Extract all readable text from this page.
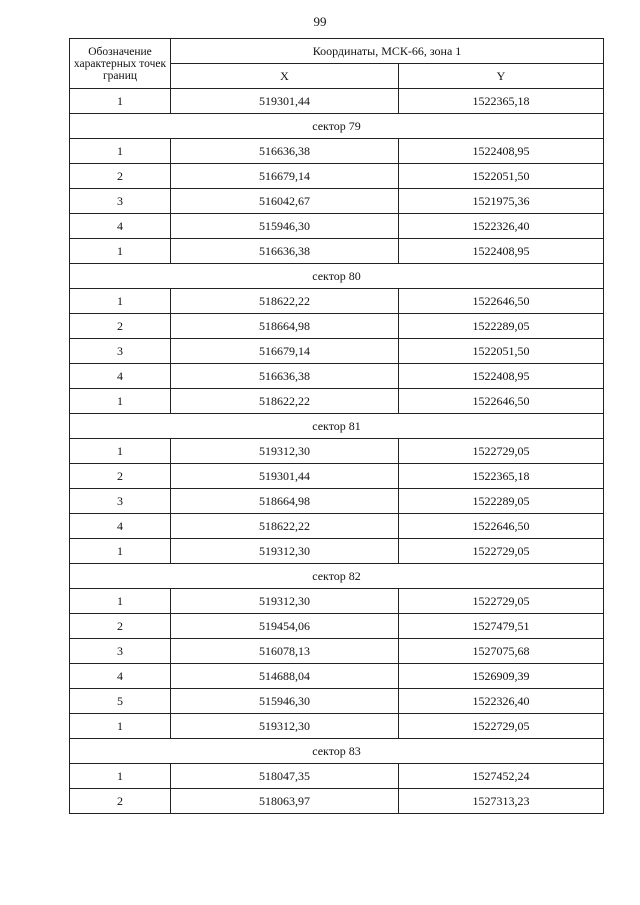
99
Обозначение характерных точек границ	Координаты, МСК-66, зона 1	
	X	Y
1	519301,44	1522365,18
сектор 79		
1	516636,38	1522408,95
2	516679,14	1522051,50
3	516042,67	1521975,36
4	515946,30	1522326,40
1	516636,38	1522408,95
сектор 80		
1	518622,22	1522646,50
2	518664,98	1522289,05
3	516679,14	1522051,50
4	516636,38	1522408,95
1	518622,22	1522646,50
сектор 81		
1	519312,30	1522729,05
2	519301,44	1522365,18
3	518664,98	1522289,05
4	518622,22	1522646,50
1	519312,30	1522729,05
сектор 82		
1	519312,30	1522729,05
2	519454,06	1527479,51
3	516078,13	1527075,68
4	514688,04	1526909,39
5	515946,30	1522326,40
1	519312,30	1522729,05
сектор 83		
1	518047,35	1527452,24
2	518063,97	1527313,23
